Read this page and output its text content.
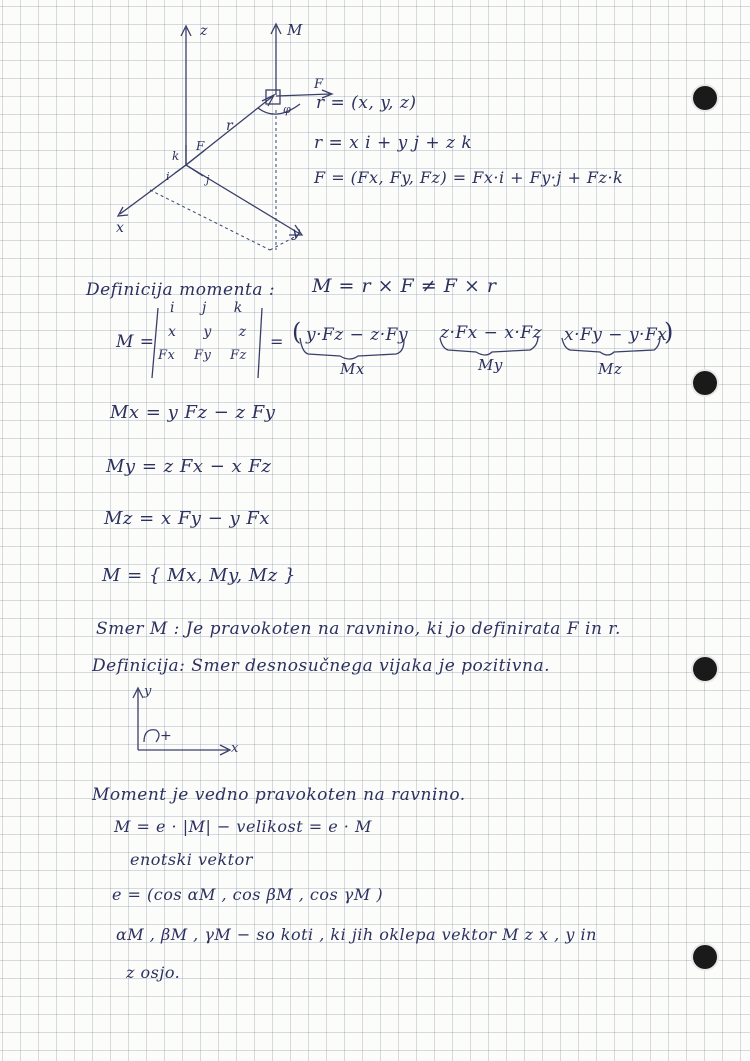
z	M
x	y
r
F
F
k
i	j
φ
y
x
+
r = (x, y, z)
r = x i + y j + z k
F = (Fx, Fy, Fz) = Fx·i + Fy·j + Fz·k
Definicija momenta : M = r × F ≠ F × r
M =
i j k
x y z
Fx Fy Fz
= ( y·Fz − z·Fy z·Fx − x·Fz x·Fy − y·Fx
)
Mx	My	Mz
Mx = y Fz − z Fy
My = z Fx − x Fz
Mz = x Fy − y Fx
M = { Mx, My, Mz }
Smer M : Je pravokoten na ravnino, ki jo definirata F in r.
Definicija: Smer desnosučnega vijaka je pozitivna.
Moment je vedno pravokoten na ravnino.
M = e · |M| − velikost = e · M
enotski vektor
e = (cos αM , cos βM , cos γM )
αM , βM , γM − so koti , ki jih oklepa vektor M z x , y in
z osjo.
